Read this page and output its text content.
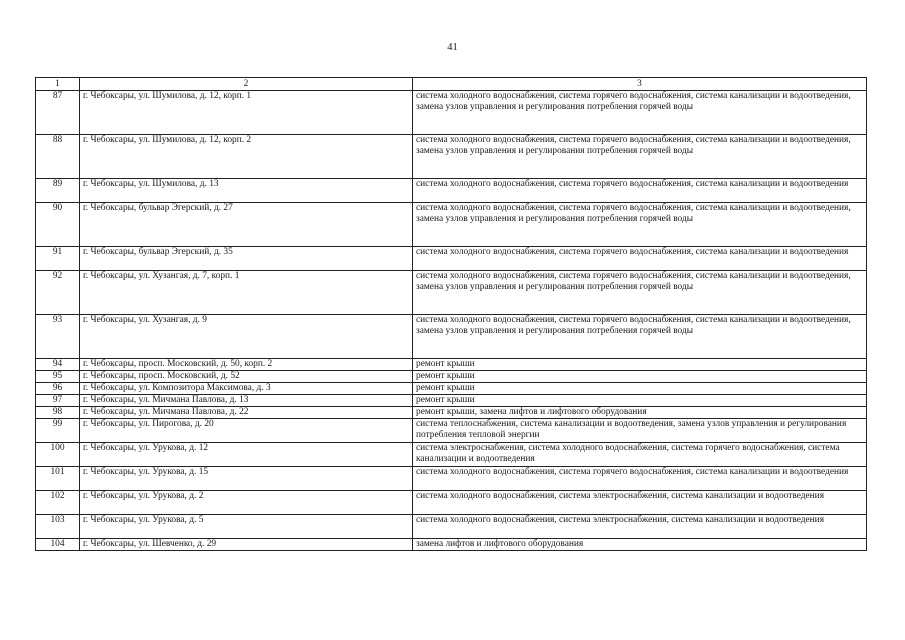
41
1	2	3
87	г. Чебоксары, ул. Шумилова, д. 12, корп. 1	система холодного водоснабжения, система горячего водоснабжения, система канализации и водоотведения, замена узлов управления и регулирования потребления горячей воды
88	г. Чебоксары, ул. Шумилова, д. 12, корп. 2	система холодного водоснабжения, система горячего водоснабжения, система канализации и водоотведения, замена узлов управления и регулирования потребления горячей воды
89	г. Чебоксары, ул. Шумилова, д. 13	система холодного водоснабжения, система горячего водоснабжения, система канализации и водоотведения
90	г. Чебоксары, бульвар Эгерский, д. 27	система холодного водоснабжения, система горячего водоснабжения, система канализации и водоотведения, замена узлов управления и регулирования потребления горячей воды
91	г. Чебоксары, бульвар Эгерский, д. 35	система холодного водоснабжения, система горячего водоснабжения, система канализации и водоотведения
92	г. Чебоксары, ул. Хузангая, д. 7, корп. 1	система холодного водоснабжения, система горячего водоснабжения, система канализации и водоотведения, замена узлов управления и регулирования потребления горячей воды
93	г. Чебоксары, ул. Хузангая, д. 9	система холодного водоснабжения, система горячего водоснабжения, система канализации и водоотведения, замена узлов управления и регулирования потребления горячей воды
94	г. Чебоксары, просп. Московский, д. 50, корп. 2	ремонт крыши
95	г. Чебоксары, просп. Московский, д. 52	ремонт крыши
96	г. Чебоксары, ул. Композитора Максимова, д. 3	ремонт крыши
97	г. Чебоксары, ул. Мичмана Павлова, д. 13	ремонт крыши
98	г. Чебоксары, ул. Мичмана Павлова, д. 22	ремонт крыши, замена лифтов и лифтового оборудования
99	г. Чебоксары, ул. Пирогова, д. 20	система теплоснабжения, система канализации и водоотведения, замена узлов управления и регулирования потребления тепловой энергии
100	г. Чебоксары, ул. Урукова, д. 12	система электроснабжения, система холодного водоснабжения, система горячего водоснабжения, система канализации и водоотведения
101	г. Чебоксары, ул. Урукова, д. 15	система холодного водоснабжения, система горячего водоснабжения, система канализации и водоотведения
102	г. Чебоксары, ул. Урукова, д. 2	система холодного водоснабжения, система электроснабжения, система канализации и водоотведения
103	г. Чебоксары, ул. Урукова, д. 5	система холодного водоснабжения, система электроснабжения, система канализации и водоотведения
104	г. Чебоксары, ул. Шевченко, д. 29	замена лифтов и лифтового оборудования
